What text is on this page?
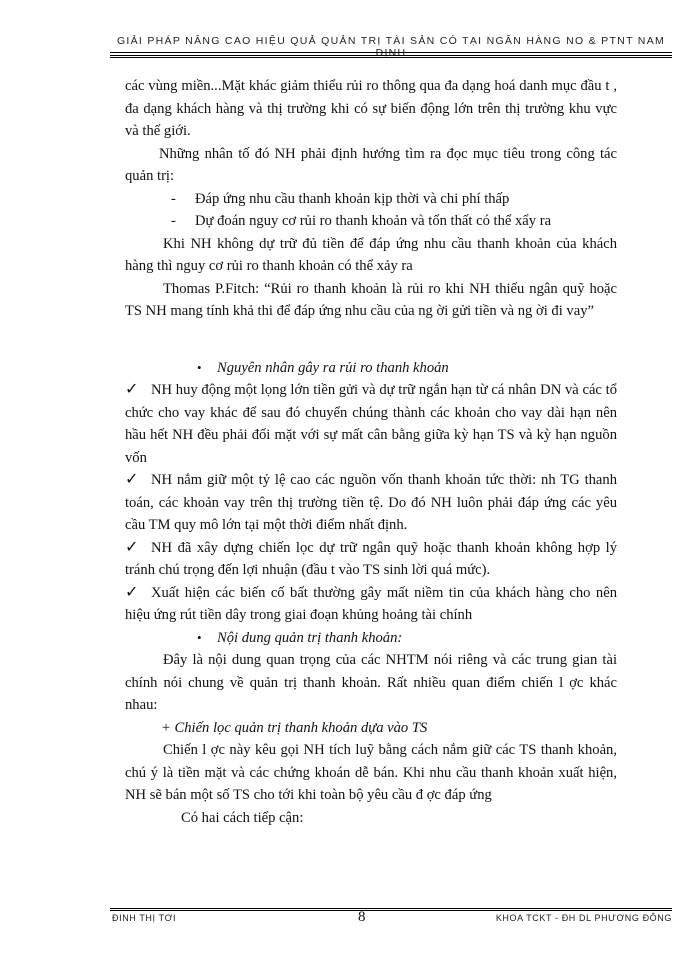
GIẢI PHÁP NÂNG CAO HIỆU QUẢ QUẢN TRỊ TÀI SẢN CÓ TẠI NGÂN HÀNG NO & PTNT NAM ĐỊNH

các vùng miền...Mặt khác giảm thiểu rủi ro thông qua đa dạng hoá danh mục đầu t , đa dạng khách hàng và thị trường khi có sự biến động lớn trên thị trường khu vực và thế giới.

Những nhân tố đó NH phải định hướng tìm ra đọc mục tiêu trong công tác quản trị:

- Đáp ứng nhu cầu thanh khoản kịp thời và chi phí thấp

- Dự đoán nguy cơ rủi ro thanh khoản và tổn thất có thể xẩy ra

Khi NH không dự trữ đủ tiền để đáp ứng nhu cầu thanh khoản của khách hàng thì nguy cơ rủi ro thanh khoản có thể xảy ra

Thomas P.Fitch: “Rủi ro thanh khoản là rủi ro khi NH thiếu ngân quỹ hoặc TS NH mang tính khả thi để đáp ứng nhu cầu của ng ời gửi tiền và ng ời đi vay”

• Nguyên nhân gây ra rủi ro thanh khoản

✓ NH huy động một lọng lớn tiền gửi và dự trữ ngắn hạn từ cá nhân DN và các tổ chức cho vay khác để sau đó chuyển chúng thành các khoản cho vay dài hạn nên hầu hết NH đều phải đối mặt với sự mất cân bằng giữa kỳ hạn TS và kỳ hạn nguồn vốn

✓ NH nắm giữ một tỷ lệ cao các nguồn vốn thanh khoản tức thời: nh TG thanh toán, các khoản vay trên thị trường tiền tệ. Do đó NH luôn phải đáp ứng các yêu cầu TM quy mô lớn tại một thời điểm nhất định.

✓ NH đã xây dựng chiến lọc dự trữ ngân quỹ hoặc thanh khoản không hợp lý tránh chú trọng đến lợi nhuận (đầu t vào TS sinh lời quá mức).

✓ Xuất hiện các biến cố bất thường gây mất niềm tin của khách hàng cho nên hiệu ứng rút tiền dây trong giai đoạn khủng hoảng tài chính

• Nội dung quản trị thanh khoản:

Đây là nội dung quan trọng của các NHTM nói riêng và các trung gian tài chính nói chung về quản trị thanh khoản. Rất nhiều quan điểm chiến l ợc khác nhau:

+ Chiến lọc quản trị thanh khoản dựa vào TS

Chiến l ợc này kêu gọi NH tích luỹ bằng cách nắm giữ các TS thanh khoản, chú ý là tiền mặt và các chứng khoán dễ bán. Khi nhu cầu thanh khoản xuất hiện, NH sẽ bán một số TS cho tới khi toàn bộ yêu cầu đ ợc đáp ứng

Có hai cách tiếp cận:

ĐINH THỊ TƠI	8	KHOA TCKT - ĐH DL PHƯƠNG ĐÔNG
